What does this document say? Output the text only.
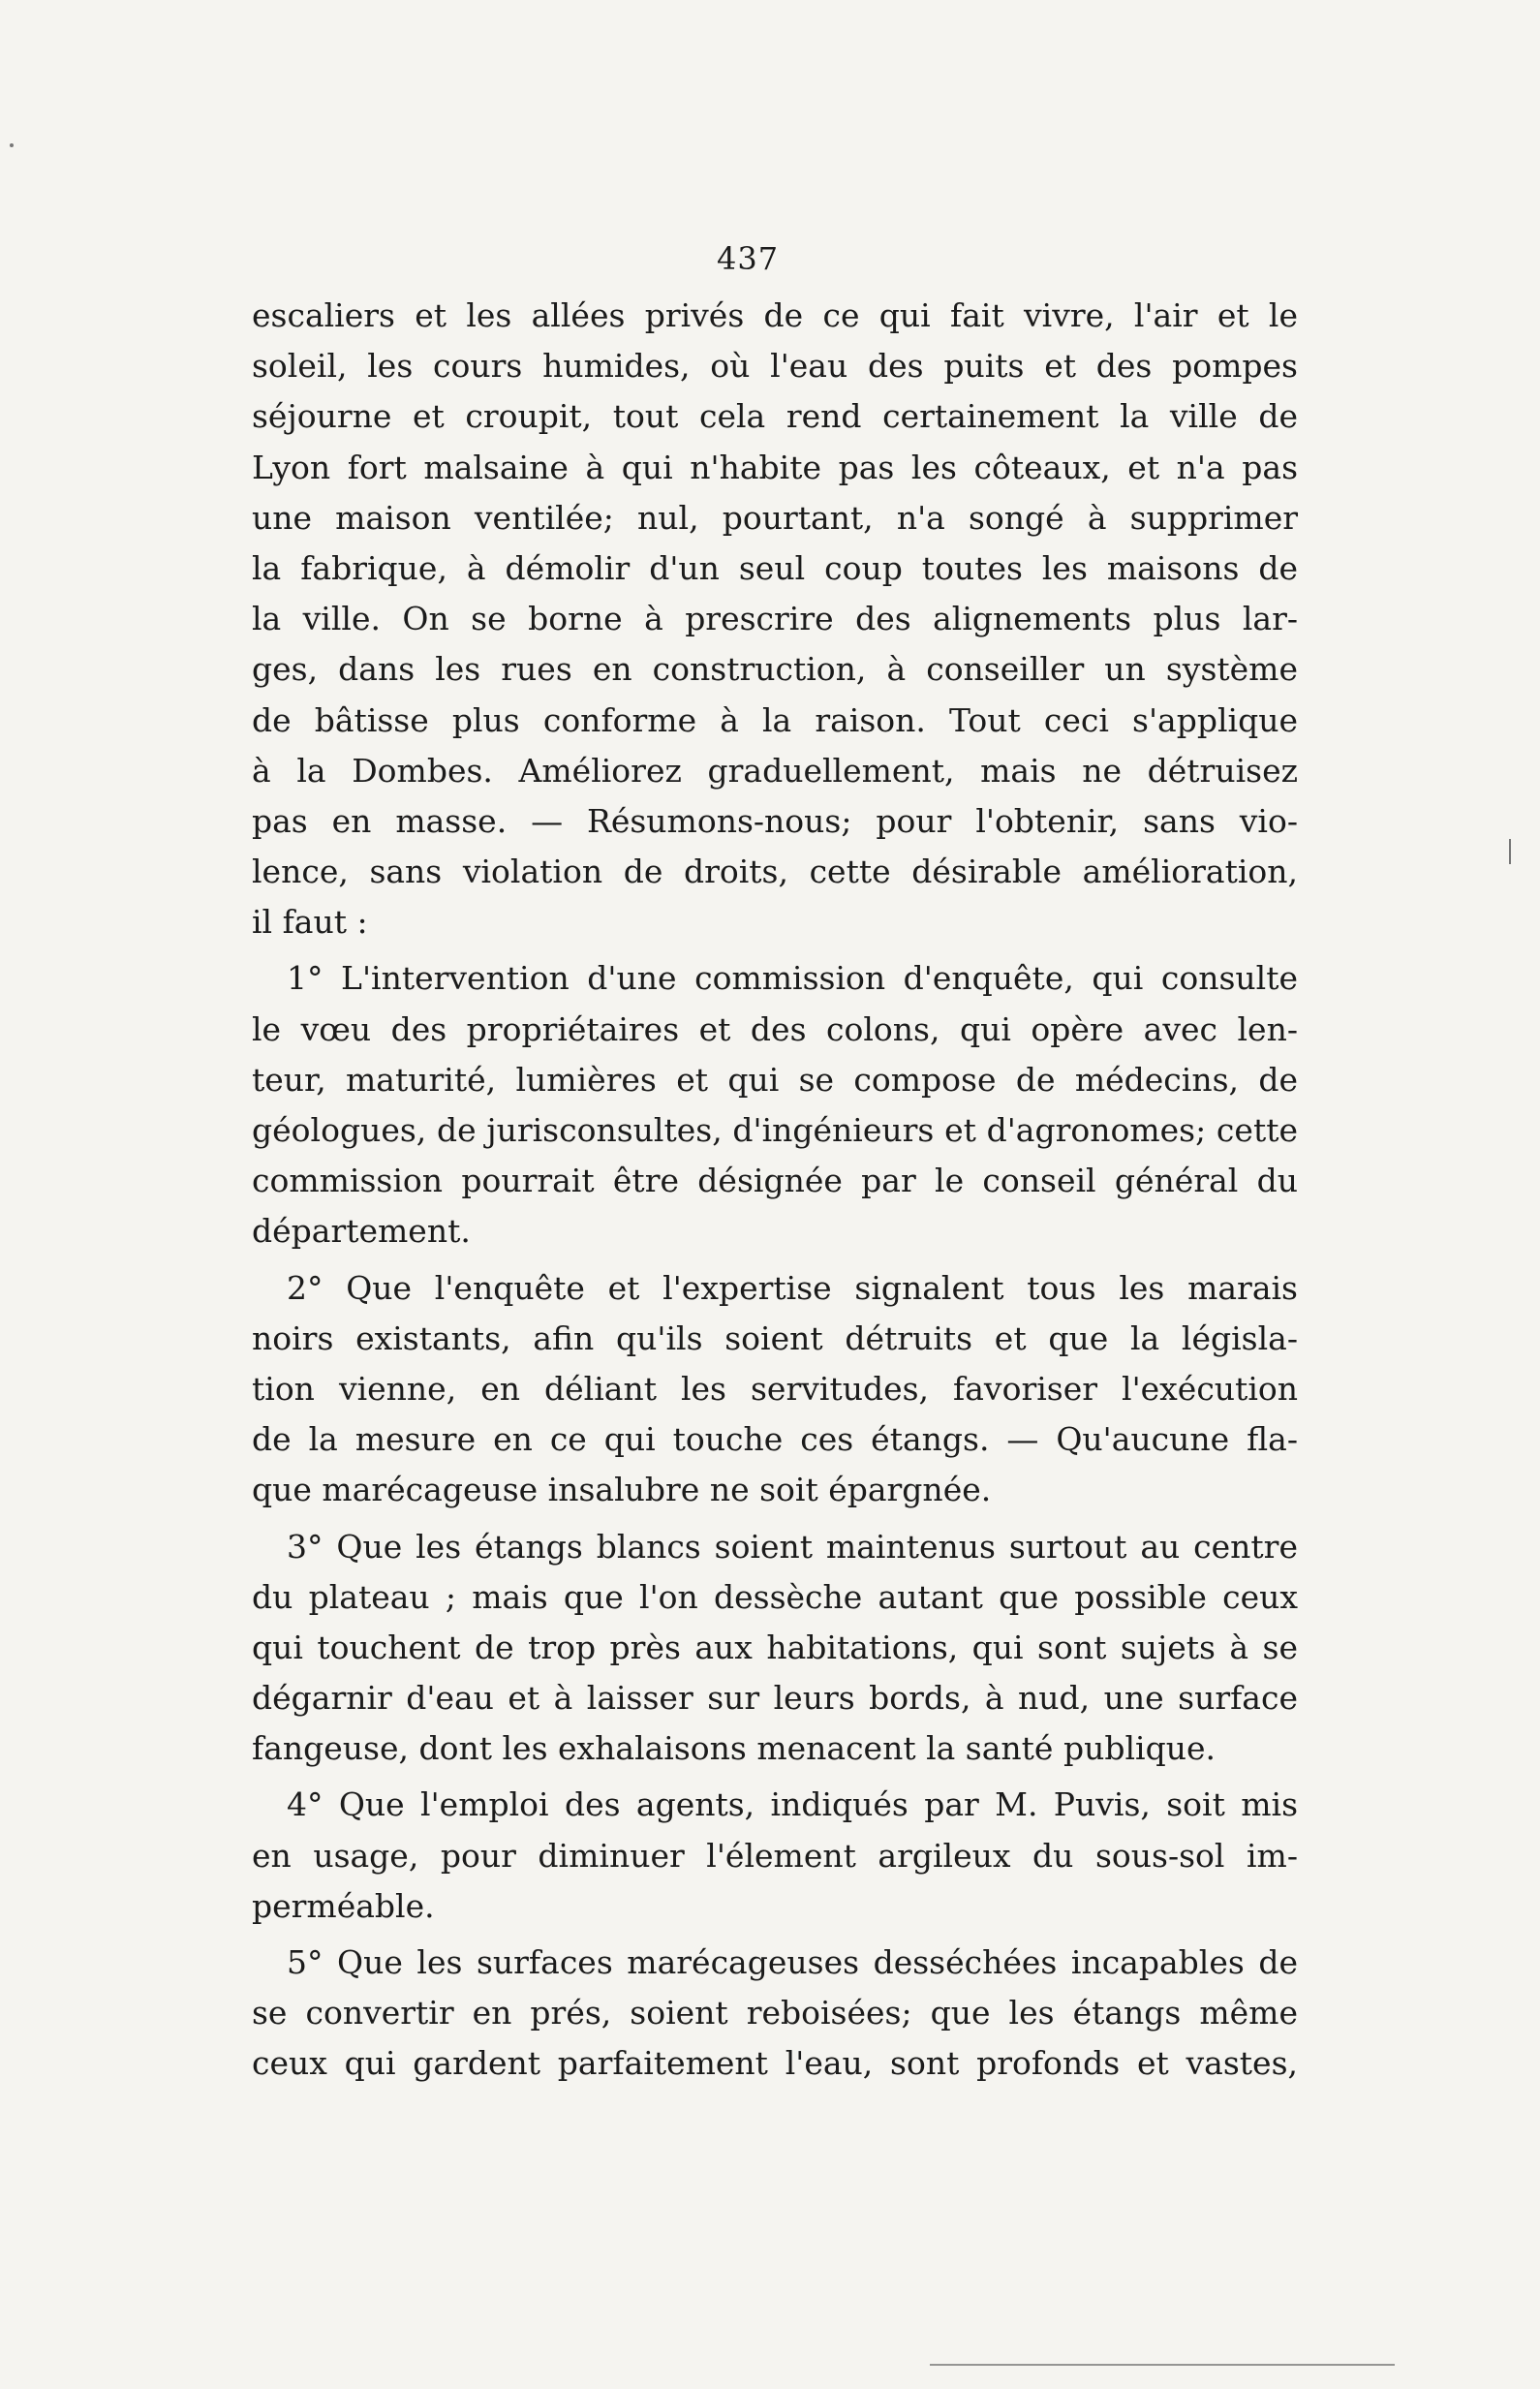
437
escaliers et les allées privés de ce qui fait vivre, l'air et le
soleil, les cours humides, où l'eau des puits et des pompes
séjourne et croupit, tout cela rend certainement la ville de
Lyon fort malsaine à qui n'habite pas les côteaux, et n'a pas
une maison ventilée; nul, pourtant, n'a songé à supprimer
la fabrique, à démolir d'un seul coup toutes les maisons de
la ville. On se borne à prescrire des alignements plus lar-
ges, dans les rues en construction, à conseiller un système
de bâtisse plus conforme à la raison. Tout ceci s'applique
à la Dombes. Améliorez graduellement, mais ne détruisez
pas en masse. — Résumons-nous; pour l'obtenir, sans vio-
lence, sans violation de droits, cette désirable amélioration,
il faut :
1° L'intervention d'une commission d'enquête, qui consulte
le vœu des propriétaires et des colons, qui opère avec len-
teur, maturité, lumières et qui se compose de médecins, de
géologues, de jurisconsultes, d'ingénieurs et d'agronomes; cette
commission pourrait être désignée par le conseil général du
département.
2° Que l'enquête et l'expertise signalent tous les marais
noirs existants, afin qu'ils soient détruits et que la législa-
tion vienne, en déliant les servitudes, favoriser l'exécution
de la mesure en ce qui touche ces étangs. — Qu'aucune fla-
que marécageuse insalubre ne soit épargnée.
3° Que les étangs blancs soient maintenus surtout au centre
du plateau ; mais que l'on dessèche autant que possible ceux
qui touchent de trop près aux habitations, qui sont sujets à se
dégarnir d'eau et à laisser sur leurs bords, à nud, une surface
fangeuse, dont les exhalaisons menacent la santé publique.
4° Que l'emploi des agents, indiqués par M. Puvis, soit mis
en usage, pour diminuer l'élement argileux du sous-sol im-
perméable.
5° Que les surfaces marécageuses desséchées incapables de
se convertir en prés, soient reboisées; que les étangs même
ceux qui gardent parfaitement l'eau, sont profonds et vastes,
